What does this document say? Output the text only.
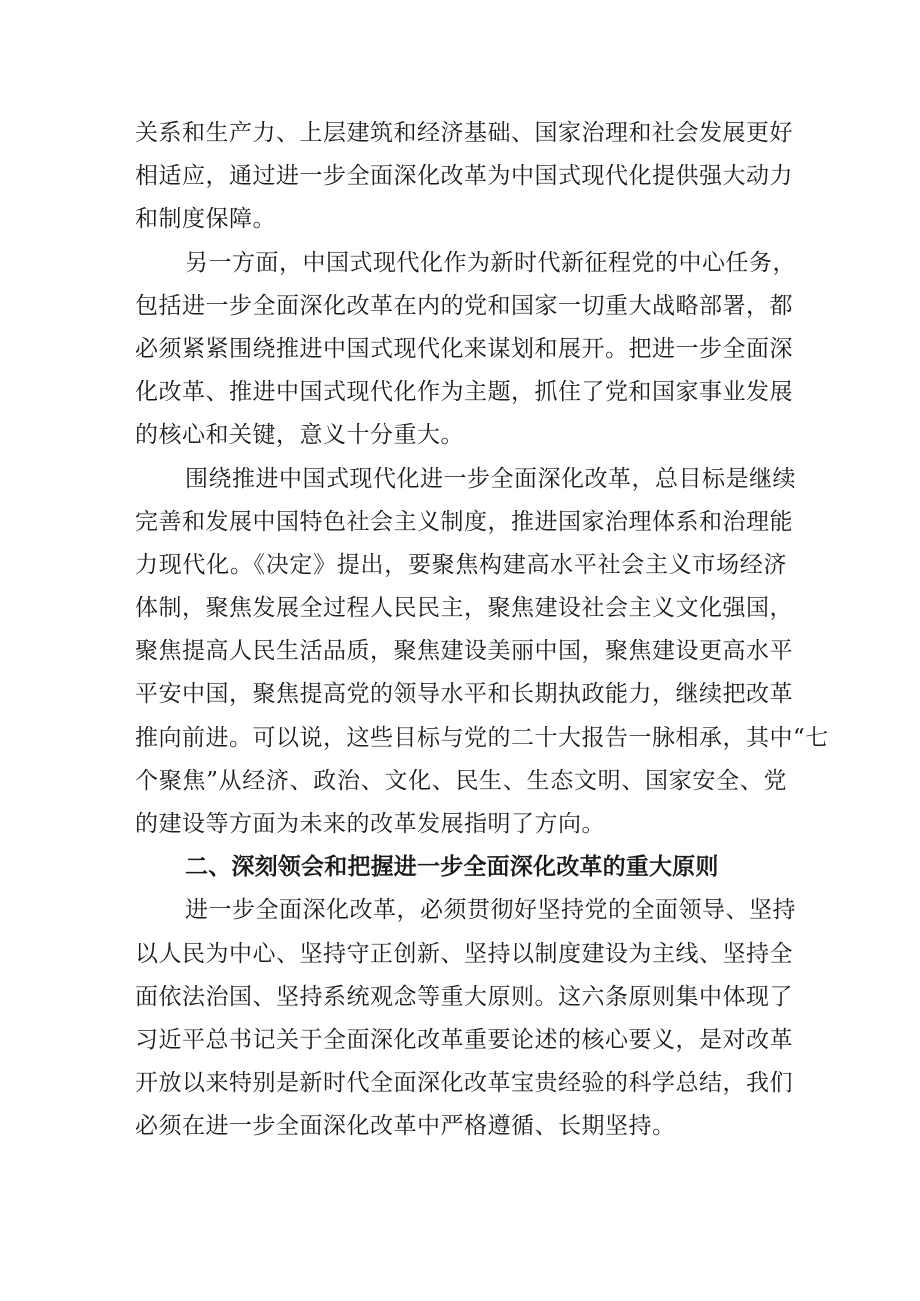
关系和生产力、上层建筑和经济基础、国家治理和社会发展更好
相适应，通过进一步全面深化改革为中国式现代化提供强大动力
和制度保障。
另一方面，中国式现代化作为新时代新征程党的中心任务，
包括进一步全面深化改革在内的党和国家一切重大战略部署，都
必须紧紧围绕推进中国式现代化来谋划和展开。把进一步全面深
化改革、推进中国式现代化作为主题，抓住了党和国家事业发展
的核心和关键，意义十分重大。
围绕推进中国式现代化进一步全面深化改革，总目标是继续
完善和发展中国特色社会主义制度，推进国家治理体系和治理能
力现代化。《决定》提出，要聚焦构建高水平社会主义市场经济
体制，聚焦发展全过程人民民主，聚焦建设社会主义文化强国，
聚焦提高人民生活品质，聚焦建设美丽中国，聚焦建设更高水平
平安中国，聚焦提高党的领导水平和长期执政能力，继续把改革
推向前进。可以说，这些目标与党的二十大报告一脉相承，其中“七
个聚焦”从经济、政治、文化、民生、生态文明、国家安全、党
的建设等方面为未来的改革发展指明了方向。
二、深刻领会和把握进一步全面深化改革的重大原则
进一步全面深化改革，必须贯彻好坚持党的全面领导、坚持
以人民为中心、坚持守正创新、坚持以制度建设为主线、坚持全
面依法治国、坚持系统观念等重大原则。这六条原则集中体现了
习近平总书记关于全面深化改革重要论述的核心要义，是对改革
开放以来特别是新时代全面深化改革宝贵经验的科学总结，我们
必须在进一步全面深化改革中严格遵循、长期坚持。
